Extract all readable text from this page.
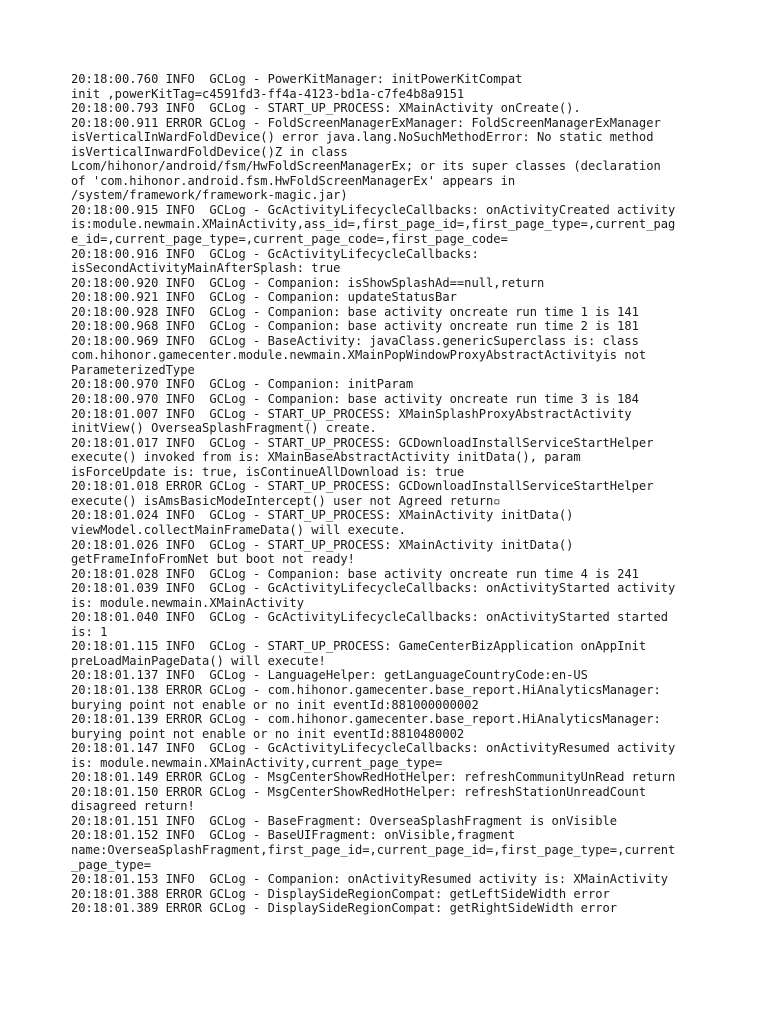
20:18:00.760 INFO  GCLog - PowerKitManager: initPowerKitCompat
init ,powerKitTag=c4591fd3-ff4a-4123-bd1a-c7fe4b8a9151
20:18:00.793 INFO  GCLog - START_UP_PROCESS: XMainActivity onCreate().
20:18:00.911 ERROR GCLog - FoldScreenManagerExManager: FoldScreenManagerExManager
isVerticalInWardFoldDevice() error java.lang.NoSuchMethodError: No static method
isVerticalInwardFoldDevice()Z in class
Lcom/hihonor/android/fsm/HwFoldScreenManagerEx; or its super classes (declaration
of 'com.hihonor.android.fsm.HwFoldScreenManagerEx' appears in
/system/framework/framework-magic.jar)
20:18:00.915 INFO  GCLog - GcActivityLifecycleCallbacks: onActivityCreated activity
is:module.newmain.XMainActivity,ass_id=,first_page_id=,first_page_type=,current_pag
e_id=,current_page_type=,current_page_code=,first_page_code=
20:18:00.916 INFO  GCLog - GcActivityLifecycleCallbacks:
isSecondActivityMainAfterSplash: true
20:18:00.920 INFO  GCLog - Companion: isShowSplashAd==null,return
20:18:00.921 INFO  GCLog - Companion: updateStatusBar
20:18:00.928 INFO  GCLog - Companion: base activity oncreate run time 1 is 141
20:18:00.968 INFO  GCLog - Companion: base activity oncreate run time 2 is 181
20:18:00.969 INFO  GCLog - BaseActivity: javaClass.genericSuperclass is: class
com.hihonor.gamecenter.module.newmain.XMainPopWindowProxyAbstractActivityis not
ParameterizedType
20:18:00.970 INFO  GCLog - Companion: initParam
20:18:00.970 INFO  GCLog - Companion: base activity oncreate run time 3 is 184
20:18:01.007 INFO  GCLog - START_UP_PROCESS: XMainSplashProxyAbstractActivity
initView() OverseaSplashFragment() create.
20:18:01.017 INFO  GCLog - START_UP_PROCESS: GCDownloadInstallServiceStartHelper
execute() invoked from is: XMainBaseAbstractActivity initData(), param
isForceUpdate is: true, isContinueAllDownload is: true
20:18:01.018 ERROR GCLog - START_UP_PROCESS: GCDownloadInstallServiceStartHelper
execute() isAmsBasicModeIntercept() user not Agreed return▫
20:18:01.024 INFO  GCLog - START_UP_PROCESS: XMainActivity initData()
viewModel.collectMainFrameData() will execute.
20:18:01.026 INFO  GCLog - START_UP_PROCESS: XMainActivity initData()
getFrameInfoFromNet but boot not ready!
20:18:01.028 INFO  GCLog - Companion: base activity oncreate run time 4 is 241
20:18:01.039 INFO  GCLog - GcActivityLifecycleCallbacks: onActivityStarted activity
is: module.newmain.XMainActivity
20:18:01.040 INFO  GCLog - GcActivityLifecycleCallbacks: onActivityStarted started
is: 1
20:18:01.115 INFO  GCLog - START_UP_PROCESS: GameCenterBizApplication onAppInit
preLoadMainPageData() will execute!
20:18:01.137 INFO  GCLog - LanguageHelper: getLanguageCountryCode:en-US
20:18:01.138 ERROR GCLog - com.hihonor.gamecenter.base_report.HiAnalyticsManager:
burying point not enable or no init eventId:881000000002
20:18:01.139 ERROR GCLog - com.hihonor.gamecenter.base_report.HiAnalyticsManager:
burying point not enable or no init eventId:8810480002
20:18:01.147 INFO  GCLog - GcActivityLifecycleCallbacks: onActivityResumed activity
is: module.newmain.XMainActivity,current_page_type=
20:18:01.149 ERROR GCLog - MsgCenterShowRedHotHelper: refreshCommunityUnRead return
20:18:01.150 ERROR GCLog - MsgCenterShowRedHotHelper: refreshStationUnreadCount
disagreed return!
20:18:01.151 INFO  GCLog - BaseFragment: OverseaSplashFragment is onVisible
20:18:01.152 INFO  GCLog - BaseUIFragment: onVisible,fragment
name:OverseaSplashFragment,first_page_id=,current_page_id=,first_page_type=,current
_page_type=
20:18:01.153 INFO  GCLog - Companion: onActivityResumed activity is: XMainActivity
20:18:01.388 ERROR GCLog - DisplaySideRegionCompat: getLeftSideWidth error
20:18:01.389 ERROR GCLog - DisplaySideRegionCompat: getRightSideWidth error
